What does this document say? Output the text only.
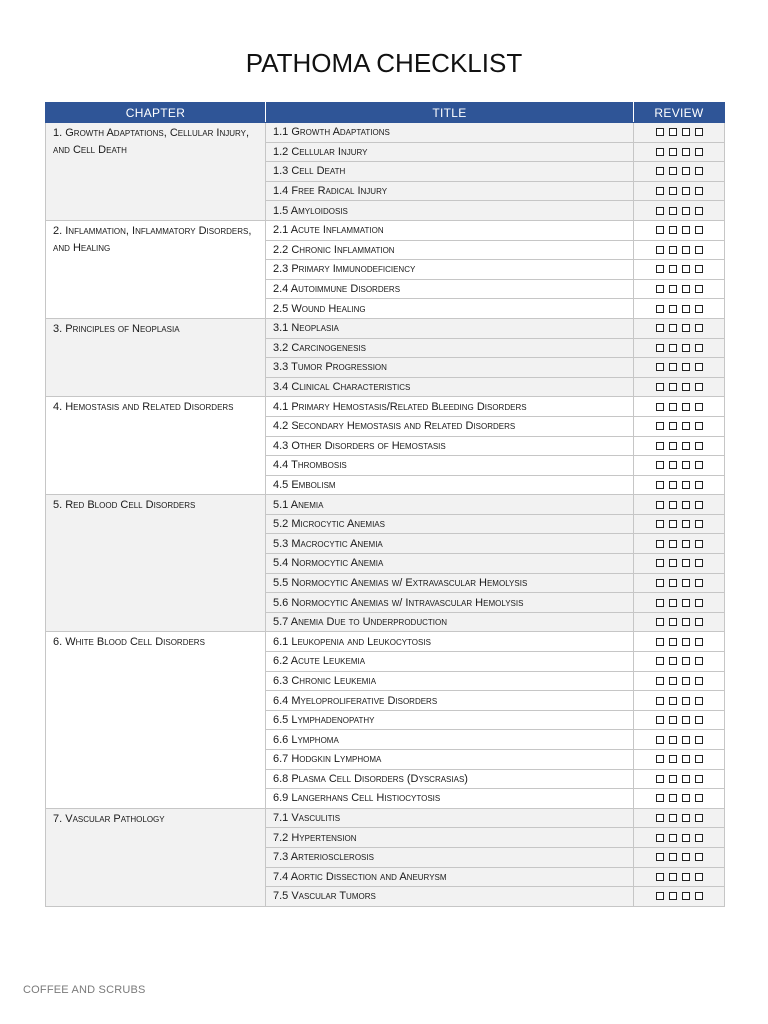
PATHOMA CHECKLIST
CHAPTER	TITLE	REVIEW
1. Growth Adaptations, Cellular Injury, and Cell Death	1.1 Growth Adaptations	

	1.2 Cellular Injury	

	1.3 Cell Death	

	1.4 Free Radical Injury	

	1.5 Amyloidosis	

2. Inflammation, Inflammatory Disorders, and Healing	2.1 Acute Inflammation	

	2.2 Chronic Inflammation	

	2.3 Primary Immunodeficiency	

	2.4 Autoimmune Disorders	

	2.5 Wound Healing	

3. Principles of Neoplasia	3.1 Neoplasia	

	3.2 Carcinogenesis	

	3.3 Tumor Progression	

	3.4 Clinical Characteristics	

4. Hemostasis and Related Disorders	4.1 Primary Hemostasis/Related Bleeding Disorders	

	4.2 Secondary Hemostasis and Related Disorders	

	4.3 Other Disorders of Hemostasis	

	4.4 Thrombosis	

	4.5 Embolism	

5. Red Blood Cell Disorders	5.1 Anemia	

	5.2 Microcytic Anemias	

	5.3 Macrocytic Anemia	

	5.4 Normocytic Anemia	

	5.5 Normocytic Anemias w/ Extravascular Hemolysis	

	5.6 Normocytic Anemias w/ Intravascular Hemolysis	

	5.7 Anemia Due to Underproduction	

6. White Blood Cell Disorders	6.1 Leukopenia and Leukocytosis	

	6.2 Acute Leukemia	

	6.3 Chronic Leukemia	

	6.4 Myeloproliferative Disorders	

	6.5 Lymphadenopathy	

	6.6 Lymphoma	

	6.7 Hodgkin Lymphoma	

	6.8 Plasma Cell Disorders (Dyscrasias)	

	6.9 Langerhans Cell Histiocytosis	

7. Vascular Pathology	7.1 Vasculitis	

	7.2 Hypertension	

	7.3 Arteriosclerosis	

	7.4 Aortic Dissection and Aneurysm	

	7.5 Vascular Tumors	
COFFEE AND SCRUBS
